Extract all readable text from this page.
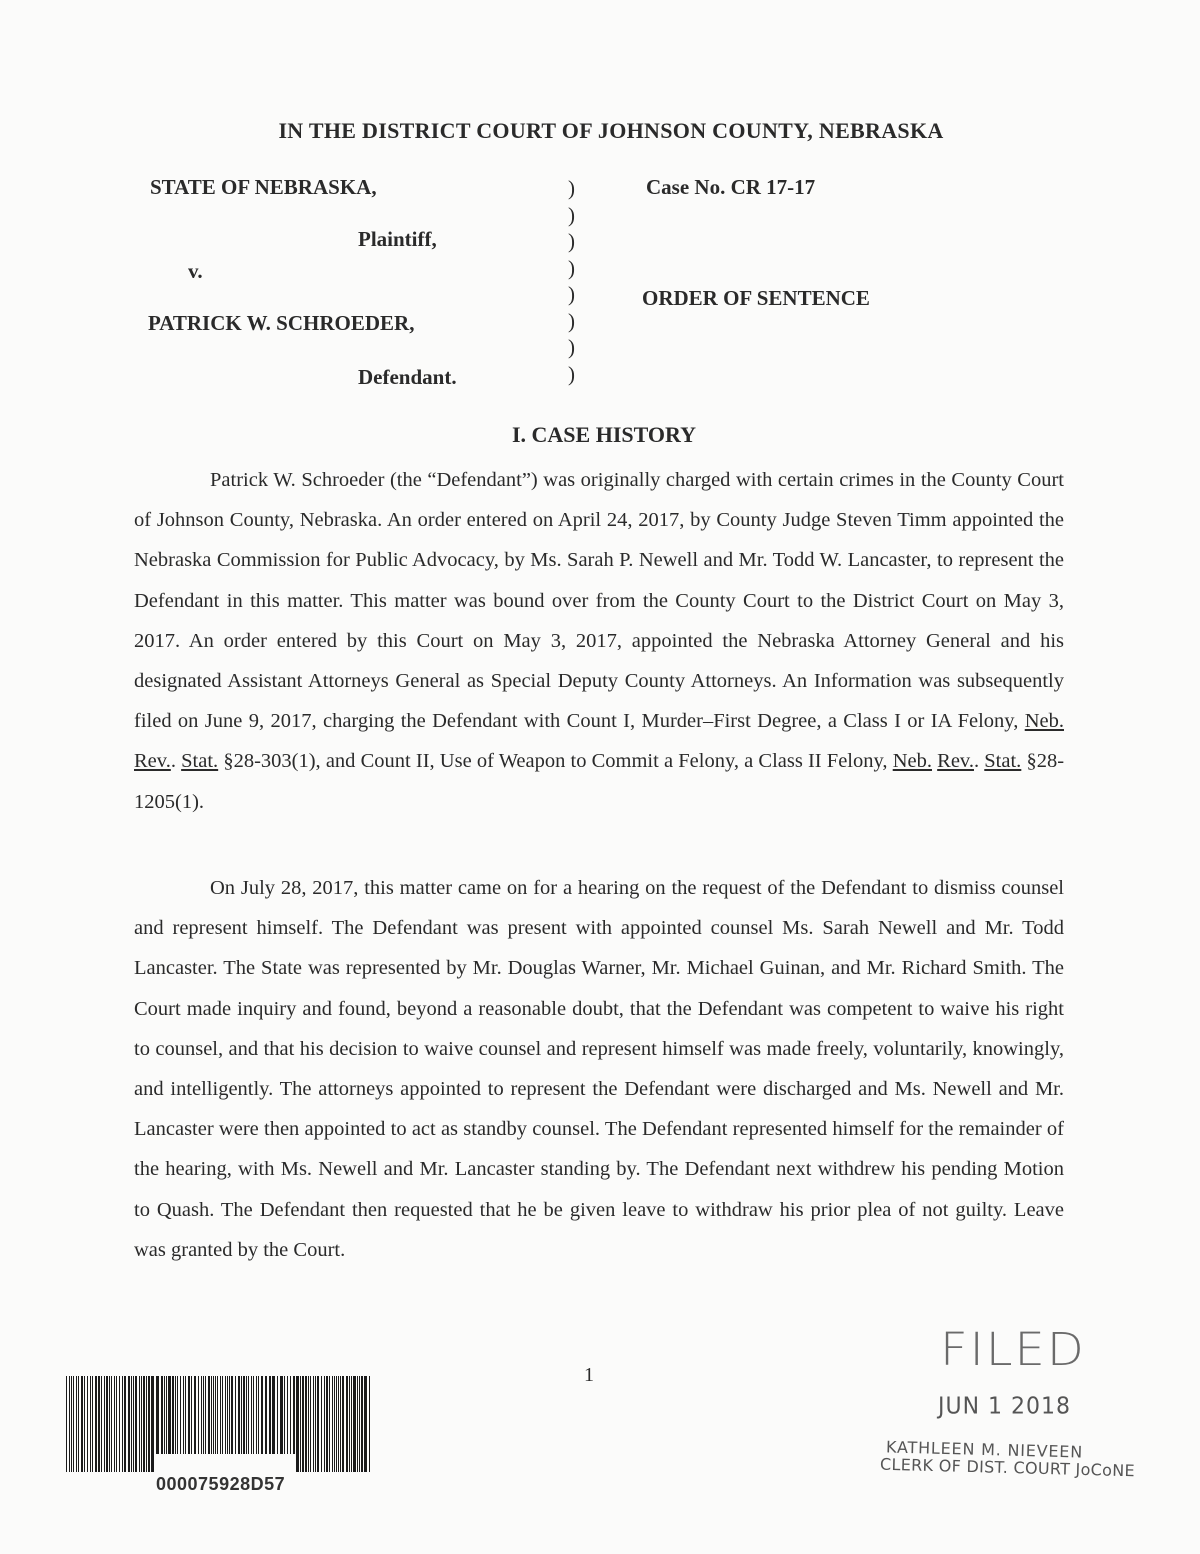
IN THE DISTRICT COURT OF JOHNSON COUNTY, NEBRASKA
STATE OF NEBRASKA,
Plaintiff,
v.
PATRICK W. SCHROEDER,
Defendant.
)
)
)
)
)
)
)
)
Case No. CR 17-17
ORDER OF SENTENCE
I. CASE HISTORY
Patrick W. Schroeder (the “Defendant”) was originally charged with certain crimes in the County Court of Johnson County, Nebraska. An order entered on April 24, 2017, by County Judge Steven Timm appointed the Nebraska Commission for Public Advocacy, by Ms. Sarah P. Newell and Mr. Todd W. Lancaster, to represent the Defendant in this matter. This matter was bound over from the County Court to the District Court on May 3, 2017. An order entered by this Court on May 3, 2017, appointed the Nebraska Attorney General and his designated Assistant Attorneys General as Special Deputy County Attorneys. An Information was subsequently filed on June 9, 2017, charging the Defendant with Count I, Murder–First Degree, a Class I or IA Felony, Neb. Rev.. Stat. §28-303(1), and Count II, Use of Weapon to Commit a Felony, a Class II Felony, Neb. Rev.. Stat. §28-1205(1).
On July 28, 2017, this matter came on for a hearing on the request of the Defendant to dismiss counsel and represent himself. The Defendant was present with appointed counsel Ms. Sarah Newell and Mr. Todd Lancaster. The State was represented by Mr. Douglas Warner, Mr. Michael Guinan, and Mr. Richard Smith. The Court made inquiry and found, beyond a reasonable doubt, that the Defendant was competent to waive his right to counsel, and that his decision to waive counsel and represent himself was made freely, voluntarily, knowingly, and intelligently. The attorneys appointed to represent the Defendant were discharged and Ms. Newell and Mr. Lancaster were then appointed to act as standby counsel. The Defendant represented himself for the remainder of the hearing, with Ms. Newell and Mr. Lancaster standing by. The Defendant next withdrew his pending Motion to Quash. The Defendant then requested that he be given leave to withdraw his prior plea of not guilty. Leave was granted by the Court.
1
000075928D57
FILED
JUN 1 2018
KATHLEEN M. NIEVEEN
CLERK OF DIST. COURT JoCoNE
